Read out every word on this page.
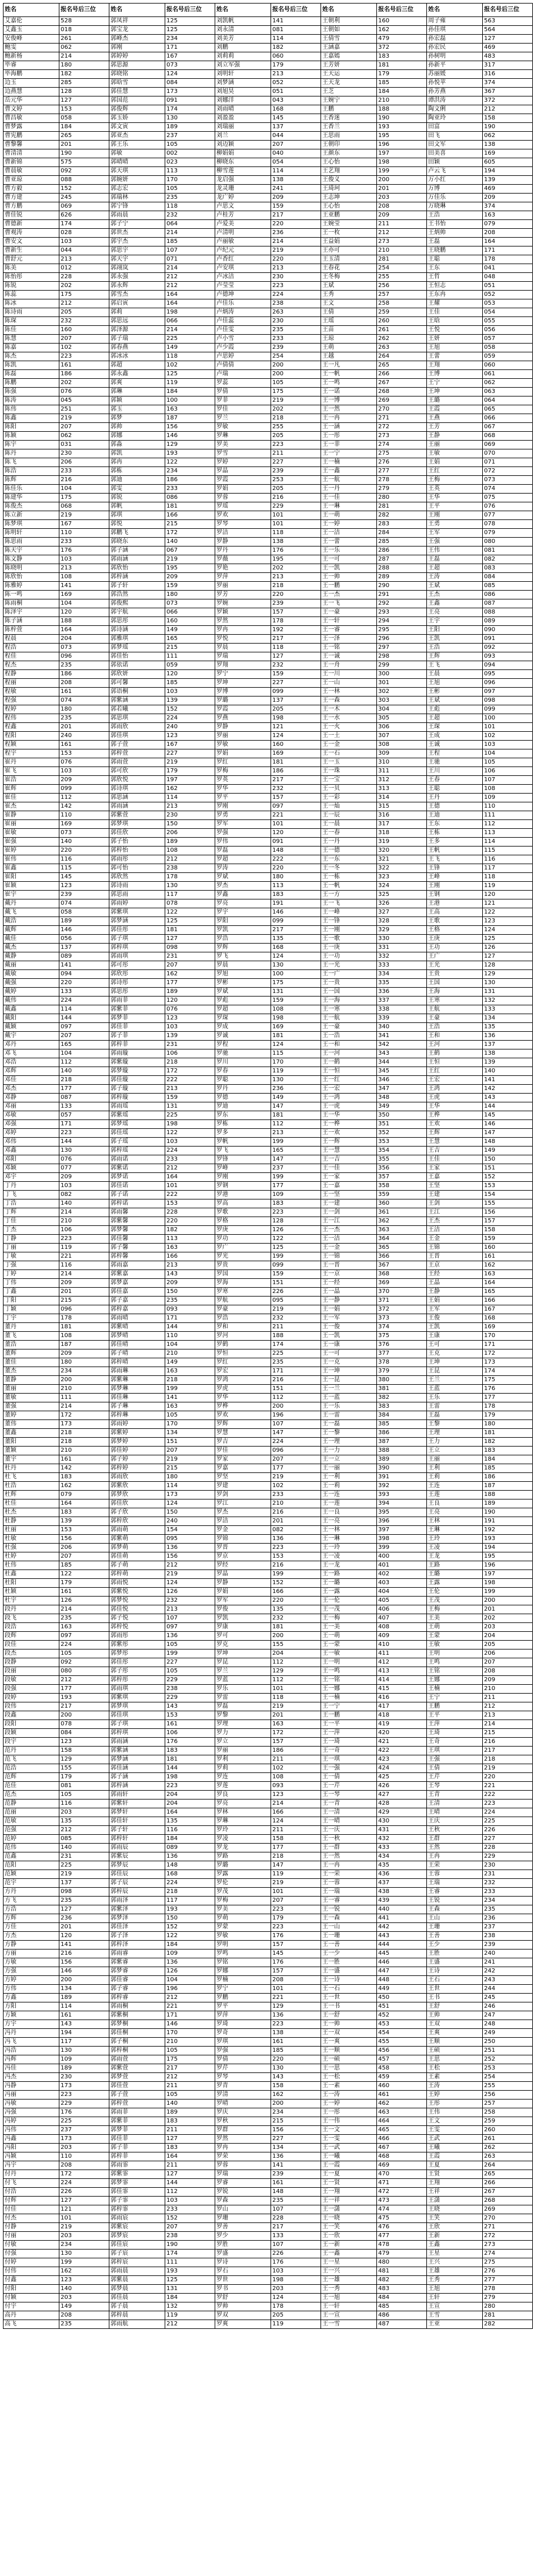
姓名	报名号后三位	姓名	报名号后三位	姓名	报名号后三位	姓名	报名号后三位	姓名	报名号后三位
艾嘉伦	528	郭凤祥	125	刘凯帆	141	王朝利	160	周子雍	563
艾鑫玉	018	郭宝龙	125	刘永清	081	王朝如	162	孙佳琪	564
安俊峰	261	郭峰杰	234	刘美芳	114	王倩雪	479	孙宏磊	127
鲍雯	062	郭刚	171	刘鹏	182	王涵嘉	372	孙宏民	469
鲍新杨	214	郭婷婷	167	刘莉莉	060	王嘉嫣	183	孙树明	483
毕睿	180	郭思源	073	刘立军强	179	王芳妍	181	孙新平	317
毕海鹏	182	郭晓铭	124	刘明轩	213	王天运	179	苏丽媛	316
边玉	285	郭晗雪	084	刘梦涵	052	王天龙	185	孙悦苹	374
边燕慧	128	郭佳慧	173	刘旭昊	051	王芝	184	孙芳燕	367
岳元华	127	郭国范	091	刘娜洋	043	王婉宁	210	谭洪涛	372
曹文婷	153	郭俊辉	174	刘雨晴	168	王鹏	188	陶文俐	212
曹昌敏	058	郭玉娇	130	刘盈盈	145	王香迷	190	陶亚玲	158
曹梦露	184	郭文寅	189	刘瑞丽	137	王香兰	193	田富	190
曹宪鹏	265	郭亚杰	237	刘兰	044	王思雨	195	田飞	062
曹黎馨	201	郭王乐	105	刘迈颖	207	王朝印	196	田文军	138
曹清清	190	郭敏	002	柳娟娟	040	王颜东	197	田美喜	169
曹新锦	575	郭晴晴	023	柳晓东	054	王心怡	198	田颖	605
曹晨敏	092	郭天琪	113	柳雪莲	114	王艺翔	199	卢云飞	194
曹亚琼	088	郭婉妍	170	龙启强	138	王俊义	200	万小红	139
曹方毅	152	郭志宏	105	龙灵珊	241	王琦珂	201	万博	469
曹方建	245	郭瑞林	235	龙广婷	209	王志坤	203	万佳乐	209
曹方鹏	069	郭宁锋	118	卢思文	159	王心怡	208	万晓琳	374
曹佳锐	626	郭雨晨	232	卢桂芳	217	王亚鹏	209	王浩	163
曹德新	174	郭子宁	064	卢爱美	220	王婉莹	211	王书怡	079
曹观涛	028	郭世杰	214	卢清明	236	王一枚	212	王炳帅	208
曹安文	103	郭宇杰	185	卢丽敏	214	王益娟	273	王磊	164
曹新生	044	郭思宇	107	卢纪元	219	王亦可	210	王晓鹏	171
曹舒元	213	郭天宇	071	卢香红	220	王玉清	281	王聪	178
陈美	012	郭翊岚	214	卢安琪	213	王春花	254	王东	041
陈怡彤	228	郭永强	212	卢冰洁	230	王冬梅	255	王哲	048
陈锐	202	郭永辉	212	卢莹莹	223	王斌	256	王恒志	051
陈蕊	175	郭雪杰	164	卢德坤	224	王秀	257	王东冉	052
陈冰	212	郭启寅	164	卢佳乐	238	王文	258	王耀	053
陈诗雨	205	郭莉	198	卢炳涛	263	王倩	259	王佳	054
陈琛	232	郭思远	066	卢佳蕊	230	王瑶	260	王晗	055
陈佳	160	郭泽源	214	卢佳雯	235	王苗	261	王悦	056
陈慧	207	郭子瑞	225	卢小雪	233	王琼	262	王妍	057
陈嘉	102	郭春燕	149	卢少霞	239	王萌	263	王旭	058
陈杰	223	郭冰冰	118	卢思婷	254	王越	264	王蕾	059
陈凯	161	郭超	102	卢倩倩	200	王一凡	265	王翔	060
陈磊	186	郭永鑫	125	卢瑞	200	王一帆	266	王博	061
陈鹏	202	郭爽	119	罗蕊	105	王一鸣	267	王宁	062
陈强	076	郭琳	184	罗倩	175	王一诺	268	王坤	063
陈涛	045	郭颖	100	罗菲	219	王一博	269	王璐	064
陈伟	251	郭玉	163	罗佳	202	王一然	270	王霞	065
陈鑫	219	郭梦	187	罗兰	218	王一冉	271	王燕	066
陈阳	207	郭帅	156	罗敏	255	王一涵	272	王芳	067
陈颖	062	郭娜	146	罗琳	205	王一彤	273	王静	068
陈宇	031	郭淼	129	罗美	223	王一菲	274	王丽	069
陈丹	230	郭凯	193	罗雪	211	王一宁	275	王敏	070
陈飞	206	郭冉	122	罗婷	227	王一楠	276	王娟	071
陈浩	233	郭栋	234	罗晶	239	王一鑫	277	王红	072
陈辉	216	郭迪	186	罗霞	253	王一航	278	王梅	073
陈佳乐	104	郭雯	233	罗娟	205	王一丹	279	王英	074
陈建华	175	郭锐	086	罗蓉	216	王一佳	280	王华	075
陈俊杰	068	郭帆	181	罗瑶	229	王一琳	281	王平	076
陈立新	219	郭琪	166	罗欢	101	王一萌	282	王刚	077
陈梦琪	167	郭悦	215	罗琴	101	王一婷	283	王勇	078
陈明轩	110	郭鹏飞	172	罗洁	118	王一洁	284	王军	079
陈思雨	233	郭晓东	140	罗静	138	王一蕾	285	王强	080
陈天宇	176	郭子涵	067	罗丹	176	王一乐	286	王伟	081
陈文静	103	郭雨涵	219	罗薇	195	王一可	287	王磊	082
陈晓明	213	郭欣怡	195	罗艳	202	王一凯	288	王超	083
陈欣怡	108	郭梓涵	209	罗萍	213	王一帅	289	王涛	084
陈雅婷	141	郭子轩	159	罗丽	218	王一鹏	290	王斌	085
陈一鸣	169	郭浩然	180	罗芳	220	王一杰	291	王杰	086
陈雨桐	104	郭俊熙	073	罗婉	239	王一飞	292	王鑫	087
陈泽宇	120	郭宇航	066	罗颖	157	王一豪	293	王亮	088
陈子涵	188	郭思彤	160	罗然	178	王一轩	294	王宇	089
陈梓萱	164	郭诗涵	149	罗冉	192	王一睿	295	王阳	090
程晨	204	郭雅琪	165	罗悦	217	王一泽	296	王凯	091
程浩	073	郭梦瑶	215	罗晨	118	王一铭	297	王浩	092
程佳	096	郭佳怡	111	罗瑞	127	王一诚	298	王辉	093
程杰	235	郭依诺	059	罗翔	232	王一舟	299	王飞	094
程静	186	郭欣妍	120	罗宁	159	王一川	300	王晨	095
程丽	208	郭可馨	185	罗坤	227	王一山	301	王旭	096
程敏	161	郭语桐	103	罗博	099	王一林	302	王彬	097
程强	074	郭紫涵	139	罗璐	137	王一森	303	王斌	098
程婷	180	郭若曦	152	罗霞	205	王一木	304	王彪	099
程伟	235	郭思琪	224	罗燕	198	王一水	305	王超	100
程鑫	201	郭雨欣	240	罗静	121	王一火	306	王琛	101
程阳	240	郭佳琪	123	罗丽	124	王一土	307	王成	102
程颖	161	郭子萱	167	罗敏	160	王一金	308	王诚	103
程宇	153	郭梓萱	227	罗娟	169	王一石	309	王程	104
崔丹	076	郭雨萱	219	罗红	181	王一玉	310	王驰	105
崔飞	103	郭可欣	179	罗梅	186	王一珠	311	王川	106
崔浩	209	郭欣悦	197	罗英	217	王一宝	312	王春	107
崔辉	099	郭诗琪	162	罗华	232	王一贝	313	王聪	108
崔佳	112	郭思涵	114	罗平	157	王一彩	314	王丹	109
崔杰	142	郭雨涵	213	罗刚	097	王一灿	315	王德	110
崔静	110	郭紫萱	230	罗勇	221	王一辰	316	王迪	111
崔丽	169	郭梦琪	150	罗军	101	王一晨	317	王东	112
崔敏	073	郭佳欣	206	罗强	120	王一春	318	王栋	113
崔强	140	郭子怡	189	罗伟	091	王一丹	319	王多	114
崔婷	220	郭梓怡	108	罗磊	148	王一德	320	王帆	115
崔伟	116	郭雨彤	212	罗超	222	王一东	321	王飞	116
崔鑫	115	郭可怡	238	罗涛	220	王一冬	322	王锋	117
崔阳	145	郭欣然	178	罗斌	180	王一栋	323	王峰	118
崔颖	123	郭诗雨	130	罗杰	113	王一帆	324	王刚	119
崔宇	239	郭思雨	117	罗鑫	183	王一方	325	王钢	120
戴丹	074	郭雨婷	078	罗亮	191	王一飞	326	王港	121
戴飞	058	郭紫琪	122	罗宇	146	王一峰	327	王高	122
戴浩	189	郭梦涵	125	罗阳	099	王一锋	328	王歌	123
戴辉	146	郭佳彤	181	罗凯	217	王一刚	329	王格	124
戴佳	056	郭子琪	127	罗浩	135	王一歌	330	王庚	125
戴杰	137	郭梓琪	098	罗辉	168	王一庚	331	王功	126
戴静	089	郭雨琪	231	罗飞	124	王一功	332	王广	127
戴丽	141	郭可彤	207	罗晨	130	王一光	333	王光	128
戴敏	094	郭欣彤	162	罗旭	100	王一广	334	王贵	129
戴强	220	郭诗彤	177	罗彬	175	王一贵	335	王国	130
戴婷	133	郭思彤	189	罗斌	131	王一国	336	王海	131
戴伟	224	郭雨菲	120	罗彪	159	王一海	337	王寒	132
戴鑫	114	郭紫菲	076	罗超	108	王一寒	338	王航	133
戴阳	144	郭梦菲	123	罗琛	198	王一航	339	王豪	134
戴颖	097	郭佳菲	103	罗成	169	王一豪	340	王浩	135
戴宇	207	郭子菲	139	罗诚	181	王一浩	341	王和	136
邓丹	165	郭梓菲	231	罗程	124	王一和	342	王河	137
邓飞	104	郭雨璇	106	罗驰	115	王一河	343	王鹤	138
邓浩	112	郭紫璇	218	罗川	170	王一鹤	344	王恒	139
邓辉	140	郭梦璇	172	罗春	119	王一恒	345	王红	140
邓佳	218	郭佳璇	222	罗聪	130	王一红	346	王宏	141
邓杰	177	郭子璇	213	罗丹	236	王一宏	347	王鸿	142
邓静	087	郭梓璇	159	罗德	149	王一鸿	348	王虎	143
邓丽	133	郭雨瑶	131	罗迪	147	王一虎	349	王华	144
邓敏	057	郭紫瑶	225	罗东	181	王一华	350	王桦	145
邓强	171	郭梦瑶	198	罗栋	112	王一桦	351	王欢	146
邓婷	223	郭佳瑶	122	罗多	213	王一欢	352	王辉	147
邓伟	144	郭子瑶	103	罗帆	199	王一辉	353	王慧	148
邓鑫	130	郭梓瑶	224	罗飞	165	王一慧	354	王吉	149
邓阳	076	郭雨诺	233	罗锋	147	王一吉	355	王佳	150
邓颖	077	郭紫诺	212	罗峰	237	王一佳	356	王家	151
邓宇	209	郭梦诺	164	罗刚	199	王一家	357	王嘉	152
丁丹	103	郭佳诺	101	罗钢	177	王一嘉	358	王坚	153
丁飞	082	郭子诺	222	罗港	109	王一坚	359	王建	154
丁浩	140	郭梓诺	153	罗高	183	王一建	360	王剑	155
丁辉	214	郭雨馨	228	罗歌	223	王一剑	361	王江	156
丁佳	210	郭紫馨	220	罗格	128	王一江	362	王杰	157
丁杰	106	郭梦馨	182	罗庚	126	王一杰	363	王洁	158
丁静	223	郭佳馨	113	罗功	122	王一洁	364	王金	159
丁丽	119	郭子馨	163	罗广	125	王一金	365	王锦	160
丁敏	221	郭梓馨	166	罗光	199	王一锦	366	王晋	161
丁强	116	郭雨嘉	213	罗贵	099	王一晋	367	王京	162
丁婷	214	郭紫嘉	143	罗国	159	王一京	368	王经	163
丁伟	209	郭梦嘉	209	罗海	151	王一经	369	王晶	164
丁鑫	201	郭佳嘉	150	罗寒	226	王一晶	370	王静	165
丁阳	215	郭子嘉	235	罗航	095	王一静	371	王娟	166
丁颖	096	郭梓嘉	093	罗豪	219	王一娟	372	王军	167
丁宇	178	郭雨晴	171	罗浩	232	王一军	373	王俊	168
董丹	181	郭紫晴	144	罗和	211	王一俊	374	王凯	169
董飞	108	郭梦晴	110	罗河	188	王一凯	375	王康	170
董浩	187	郭佳晴	104	罗鹤	174	王一康	376	王可	171
董辉	209	郭子晴	210	罗恒	225	王一可	377	王克	172
董佳	180	郭梓晴	149	罗红	235	王一克	378	王坤	173
董杰	234	郭雨琳	163	罗宏	171	王一坤	379	王昆	174
董静	200	郭紫琳	218	罗鸿	216	王一昆	380	王兰	175
董丽	210	郭梦琳	199	罗虎	151	王一兰	381	王蓝	176
董敏	111	郭佳琳	141	罗华	112	王一蓝	382	王乐	177
董强	214	郭子琳	163	罗桦	200	王一乐	383	王雷	178
董婷	172	郭梓琳	105	罗欢	196	王一雷	384	王磊	179
董伟	173	郭雨婷	170	罗辉	107	王一磊	385	王黎	180
董鑫	218	郭紫婷	134	罗慧	147	王一黎	386	王理	181
董阳	218	郭梦婷	151	罗吉	224	王一理	387	王力	182
董颖	210	郭佳婷	207	罗佳	096	王一力	388	王立	183
董宇	161	郭子婷	219	罗家	207	王一立	389	王丽	184
杜丹	142	郭梓婷	215	罗嘉	177	王一丽	390	王利	185
杜飞	183	郭雨欣	180	罗坚	219	王一利	391	王莉	186
杜浩	162	郭紫欣	114	罗建	102	王一莉	392	王连	187
杜辉	079	郭梦欣	173	罗剑	233	王一连	393	王莲	188
杜佳	164	郭佳欣	124	罗江	210	王一莲	394	王良	189
杜杰	183	郭子欣	150	罗杰	216	王一良	395	王亮	190
杜静	139	郭梓欣	240	罗洁	201	王一亮	396	王林	191
杜丽	153	郭雨萌	154	罗金	082	王一林	397	王琳	192
杜敏	156	郭紫萌	095	罗锦	136	王一琳	398	王玲	193
杜强	206	郭梦萌	136	罗晋	223	王一玲	399	王凌	194
杜婷	207	郭佳萌	156	罗京	153	王一凌	400	王龙	195
杜伟	185	郭子萌	212	罗经	216	王一龙	401	王路	196
杜鑫	122	郭梓萌	219	罗晶	199	王一路	402	王璐	197
杜阳	179	郭雨悦	124	罗静	152	王一璐	403	王露	198
杜颖	161	郭紫悦	126	罗娟	166	王一露	404	王伦	199
杜宇	126	郭梦悦	232	罗军	220	王一伦	405	王茂	200
段丹	214	郭佳悦	213	罗俊	135	王一茂	406	王梅	201
段飞	235	郭子悦	107	罗凯	232	王一梅	407	王美	202
段浩	163	郭梓悦	097	罗康	181	王一美	408	王萌	203
段辉	097	郭雨彤	136	罗可	200	王一萌	409	王蒙	204
段佳	224	郭紫彤	105	罗克	155	王一蒙	410	王敏	205
段杰	105	郭梦彤	199	罗坤	204	王一敏	411	王明	206
段静	092	郭佳彤	227	罗昆	112	王一明	412	王鸣	207
段丽	080	郭子彤	105	罗兰	129	王一鸣	413	王铭	208
段敏	212	郭梓彤	229	罗蓝	112	王一铭	414	王娜	209
段强	177	郭雨琪	238	罗乐	101	王一娜	415	王楠	210
段婷	193	郭紫琪	229	罗雷	118	王一楠	416	王宁	211
段伟	217	郭梦琪	143	罗磊	219	王一宁	417	王鹏	212
段鑫	200	郭佳琪	153	罗黎	201	王一鹏	418	王平	213
段阳	078	郭子琪	161	罗理	163	王一平	419	王萍	214
段颖	084	郭梓琪	106	罗力	172	王一萍	420	王琦	215
段宇	123	郭雨涵	176	罗立	157	王一琦	421	王奇	216
范丹	158	郭紫涵	183	罗丽	186	王一奇	422	王琪	217
范飞	129	郭梦涵	181	罗利	211	王一琪	423	王强	218
范浩	155	郭佳涵	144	罗莉	102	王一强	424	王倩	219
范辉	179	郭子涵	198	罗连	108	王一倩	425	王芹	220
范佳	081	郭梓涵	223	罗莲	093	王一芹	426	王琴	221
范杰	105	郭雨轩	204	罗良	123	王一琴	427	王青	222
范静	116	郭紫轩	204	罗亮	214	王一青	428	王清	223
范丽	203	郭梦轩	164	罗林	166	王一清	429	王晴	224
范敏	135	郭佳轩	135	罗琳	124	王一晴	430	王庆	225
范强	212	郭子轩	116	罗玲	211	王一庆	431	王秋	226
范婷	085	郭梓轩	184	罗凌	158	王一秋	432	王群	227
范伟	140	郭雨辰	089	罗龙	177	王一群	433	王然	228
范鑫	231	郭紫辰	136	罗路	218	王一然	434	王冉	229
范阳	225	郭梦辰	148	罗璐	147	王一冉	435	王荣	230
范颖	219	郭佳辰	168	罗露	119	王一荣	436	王蓉	231
范宇	137	郭子辰	224	罗伦	219	王一蓉	437	王瑞	232
方丹	098	郭梓辰	218	罗茂	101	王一瑞	438	王睿	233
方飞	235	郭雨泽	117	罗梅	207	王一睿	439	王锐	234
方浩	127	郭紫泽	193	罗美	223	王一锐	440	王森	235
方辉	236	郭梦泽	150	罗萌	179	王一森	441	王山	236
方佳	201	郭佳泽	152	罗蒙	223	王一山	442	王珊	237
方杰	120	郭子泽	122	罗敏	176	王一珊	443	王善	238
方静	141	郭梓泽	184	罗明	157	王一善	444	王少	239
方丽	216	郭雨睿	109	罗鸣	145	王一少	445	王胜	240
方敏	156	郭紫睿	136	罗铭	176	王一胜	446	王盛	241
方强	146	郭梦睿	126	罗娜	157	王一盛	447	王诗	242
方婷	200	郭佳睿	104	罗楠	208	王一诗	448	王石	243
方伟	134	郭子睿	196	罗宁	101	王一石	449	王世	244
方鑫	189	郭梓睿	212	罗鹏	221	王一世	450	王书	245
方阳	114	郭雨桐	221	罗平	129	王一书	451	王舒	246
方颖	161	郭紫桐	171	罗萍	136	王一舒	452	王帅	247
方宇	143	郭梦桐	146	罗琦	223	王一帅	453	王双	248
冯丹	194	郭佳桐	170	罗奇	138	王一双	454	王爽	249
冯飞	117	郭子桐	210	罗琪	161	王一爽	455	王顺	250
冯浩	130	郭梓桐	105	罗强	185	王一顺	456	王硕	251
冯辉	109	郭雨萱	175	罗倩	220	王一硕	457	王思	252
冯佳	189	郭紫萱	217	罗芹	130	王一思	458	王松	253
冯杰	230	郭梦萱	212	罗琴	143	王一松	459	王素	254
冯静	173	郭佳萱	211	罗青	158	王一素	460	王涛	255
冯丽	223	郭子萱	105	罗清	162	王一涛	461	王婷	256
冯敏	229	郭梓萱	140	罗晴	200	王一婷	462	王彤	257
冯强	176	郭雨菲	189	罗庆	234	王一彤	463	王伟	258
冯婷	225	郭紫菲	183	罗秋	215	王一伟	464	王文	259
冯伟	237	郭梦菲	211	罗群	156	王一文	465	王雯	260
冯鑫	173	郭佳菲	127	罗然	227	王一雯	466	王武	261
冯阳	203	郭子菲	183	罗冉	134	王一武	467	王曦	262
冯颖	110	郭梓菲	164	罗荣	136	王一曦	468	王霞	263
冯宇	208	郭雨霏	211	罗蓉	141	王一霞	469	王夏	264
付丹	172	郭紫霏	127	罗瑞	239	王一夏	470	王贤	265
付飞	224	郭梦霏	144	罗睿	161	王一贤	471	王翔	266
付浩	226	郭佳霏	112	罗锐	148	王一翔	472	王祥	267
付辉	127	郭子霏	103	罗森	235	王一祥	473	王潇	268
付佳	121	郭梓霏	233	罗山	107	王一潇	474	王晓	269
付杰	101	郭雨宸	152	罗珊	228	王一晓	475	王笑	270
付静	219	郭紫宸	207	罗善	217	王一笑	476	王欣	271
付丽	203	郭梦宸	238	罗少	133	王一欣	477	王新	272
付敏	234	郭佳宸	190	罗胜	107	王一新	478	王鑫	273
付强	130	郭子宸	174	罗盛	226	王一鑫	479	王星	274
付婷	199	郭梓宸	111	罗诗	176	王一星	480	王兴	275
付伟	162	郭雨晨	193	罗石	103	王一兴	481	王雄	276
付鑫	123	郭紫晨	125	罗世	198	王一雄	482	王秀	277
付阳	140	郭梦晨	131	罗书	203	王一秀	483	王旭	278
付颖	203	郭佳晨	184	罗舒	124	王一旭	484	王轩	279
付宇	149	郭子晨	132	罗帅	178	王一轩	485	王宣	280
高丹	208	郭梓晨	119	罗双	205	王一宣	486	王雪	281
高飞	235	郭雨航	212	罗爽	119	王一雪	487	王亚	282
